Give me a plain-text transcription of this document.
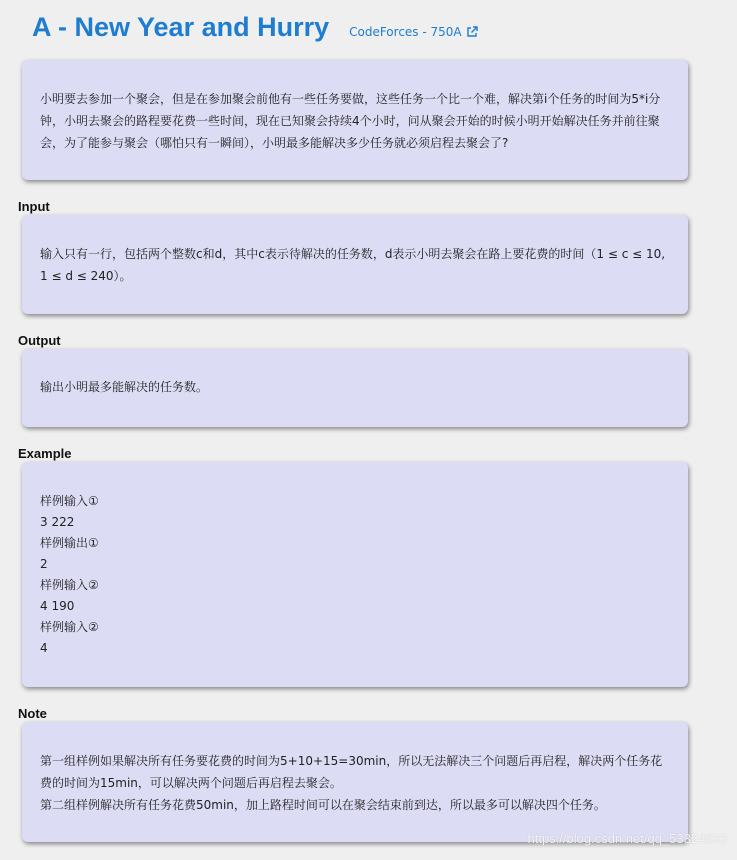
A - New Year and Hurry CodeForces - 750A

小明要去参加一个聚会，但是在参加聚会前他有一些任务要做，这些任务一个比一个难，解决第i个任务的时间为5*i分钟，小明去聚会的路程要花费一些时间，现在已知聚会持续4个小时，问从聚会开始的时候小明开始解决任务并前往聚会，为了能参与聚会（哪怕只有一瞬间），小明最多能解决多少任务就必须启程去聚会了?

Input

输入只有一行，包括两个整数c和d，其中c表示待解决的任务数，d表示小明去聚会在路上要花费的时间（1 ≤ c ≤ 10, 1 ≤ d ≤ 240）。

Output

输出小明最多能解决的任务数。

Example
样例输入①
3 222
样例输出①
2
样例输入②
4 190
样例输入②
4
Note

第一组样例如果解决所有任务要花费的时间为5+10+15=30min，所以无法解决三个问题后再启程，解决两个任务花费的时间为15min，可以解决两个问题后再启程去聚会。

第二组样例解决所有任务花费50min，加上路程时间可以在聚会结束前到达，所以最多可以解决四个任务。

https://blog.csdn.net/qq_53324833
